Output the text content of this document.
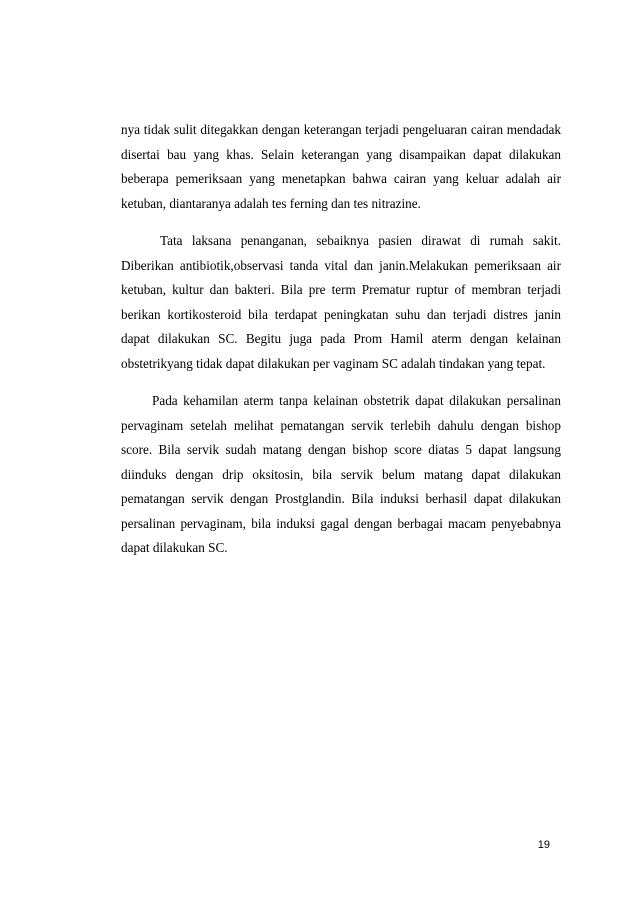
nya tidak sulit ditegakkan dengan keterangan terjadi pengeluaran cairan mendadak
disertai bau yang khas. Selain keterangan yang disampaikan dapat dilakukan
beberapa pemeriksaan yang menetapkan bahwa cairan yang keluar adalah air
ketuban, diantaranya adalah tes ferning dan tes nitrazine.
Tata laksana penanganan, sebaiknya pasien dirawat di rumah sakit.
Diberikan antibiotik,observasi tanda vital dan janin.Melakukan pemeriksaan air
ketuban, kultur dan bakteri. Bila pre term Prematur ruptur of membran terjadi
berikan kortikosteroid bila terdapat peningkatan suhu dan terjadi distres janin
dapat dilakukan SC. Begitu juga pada Prom Hamil aterm dengan kelainan
obstetrikyang tidak dapat dilakukan per vaginam SC adalah tindakan yang tepat.
Pada kehamilan aterm tanpa kelainan obstetrik dapat dilakukan persalinan
pervaginam setelah melihat pematangan servik terlebih dahulu dengan bishop
score. Bila servik sudah matang dengan bishop score diatas 5 dapat langsung
diinduks dengan drip oksitosin, bila servik belum matang dapat dilakukan
pematangan servik dengan Prostglandin. Bila induksi berhasil dapat dilakukan
persalinan pervaginam, bila induksi gagal dengan berbagai macam penyebabnya
dapat dilakukan SC.
19
